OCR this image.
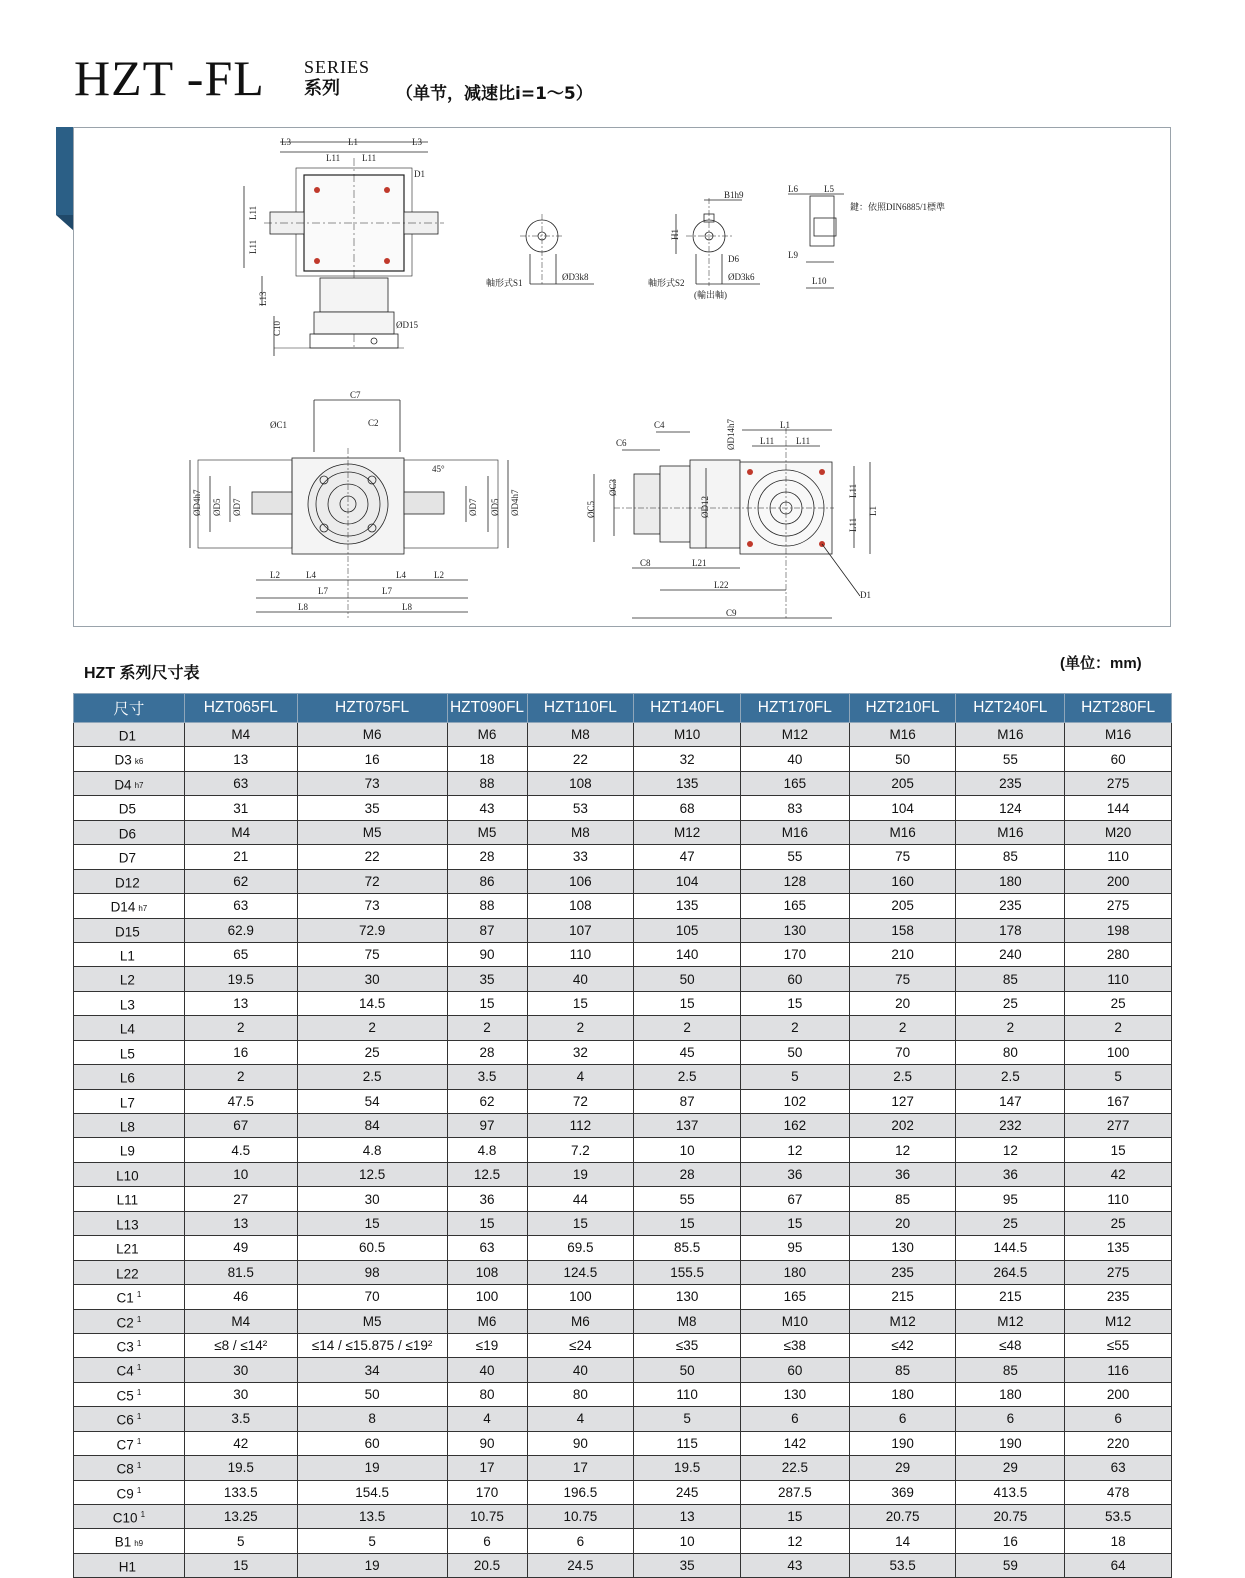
HZT -FL SERIES
系列	（单节，减速比i=1～5）
L3	L1	L3
L11 L11
D1
L11
L11
L13
C10	ØD15
軸形式S1
ØD3k8
B1h9
H1
D6
ØD3k6
軸形式S2
(輸出軸)
L6	L5
鍵：依照DIN6885/1標準
L9
L10
C7
ØC1	C2
45°
ØD4h7 ØD5 ØD7	ØD7 ØD5 ØD4h7
L2	L4	L4	L2
L7	L7
L8	L8
C4
C6	ØD14h7	L1
L11 L11
ØC5
ØC3
ØD12
L11
L11
L1
C8	L21
L22
C9
D1
HZT 系列尺寸表
(单位：mm)
尺寸	HZT065FL	HZT075FL	HZT090FL	HZT110FL	HZT140FL	HZT170FL	HZT210FL	HZT240FL	HZT280FL
D1	M4	M6	M6	M8	M10	M12	M16	M16	M16
D3 k6	13	16	18	22	32	40	50	55	60
D4 h7	63	73	88	108	135	165	205	235	275
D5	31	35	43	53	68	83	104	124	144
D6	M4	M5	M5	M8	M12	M16	M16	M16	M20
D7	21	22	28	33	47	55	75	85	110
D12	62	72	86	106	104	128	160	180	200
D14 h7	63	73	88	108	135	165	205	235	275
D15	62.9	72.9	87	107	105	130	158	178	198
L1	65	75	90	110	140	170	210	240	280
L2	19.5	30	35	40	50	60	75	85	110
L3	13	14.5	15	15	15	15	20	25	25
L4	2	2	2	2	2	2	2	2	2
L5	16	25	28	32	45	50	70	80	100
L6	2	2.5	3.5	4	2.5	5	2.5	2.5	5
L7	47.5	54	62	72	87	102	127	147	167
L8	67	84	97	112	137	162	202	232	277
L9	4.5	4.8	4.8	7.2	10	12	12	12	15
L10	10	12.5	12.5	19	28	36	36	36	42
L11	27	30	36	44	55	67	85	95	110
L13	13	15	15	15	15	15	20	25	25
L21	49	60.5	63	69.5	85.5	95	130	144.5	135
L22	81.5	98	108	124.5	155.5	180	235	264.5	275
C1 $^1$	46	70	100	100	130	165	215	215	235
C2 $^1$	M4	M5	M6	M6	M8	M10	M12	M12	M12
C3 $^1$	≤8 / ≤14²	≤14 / ≤15.875 / ≤19²	≤19	≤24	≤35	≤38	≤42	≤48	≤55
C4 $^1$	30	34	40	40	50	60	85	85	116
C5 $^1$	30	50	80	80	110	130	180	180	200
C6 $^1$	3.5	8	4	4	5	6	6	6	6
C7 $^1$	42	60	90	90	115	142	190	190	220
C8 $^1$	19.5	19	17	17	19.5	22.5	29	29	63
C9 $^1$	133.5	154.5	170	196.5	245	287.5	369	413.5	478
C10 $^1$	13.25	13.5	10.75	10.75	13	15	20.75	20.75	53.5
B1 h9	5	5	6	6	10	12	14	16	18
H1	15	19	20.5	24.5	35	43	53.5	59	64
